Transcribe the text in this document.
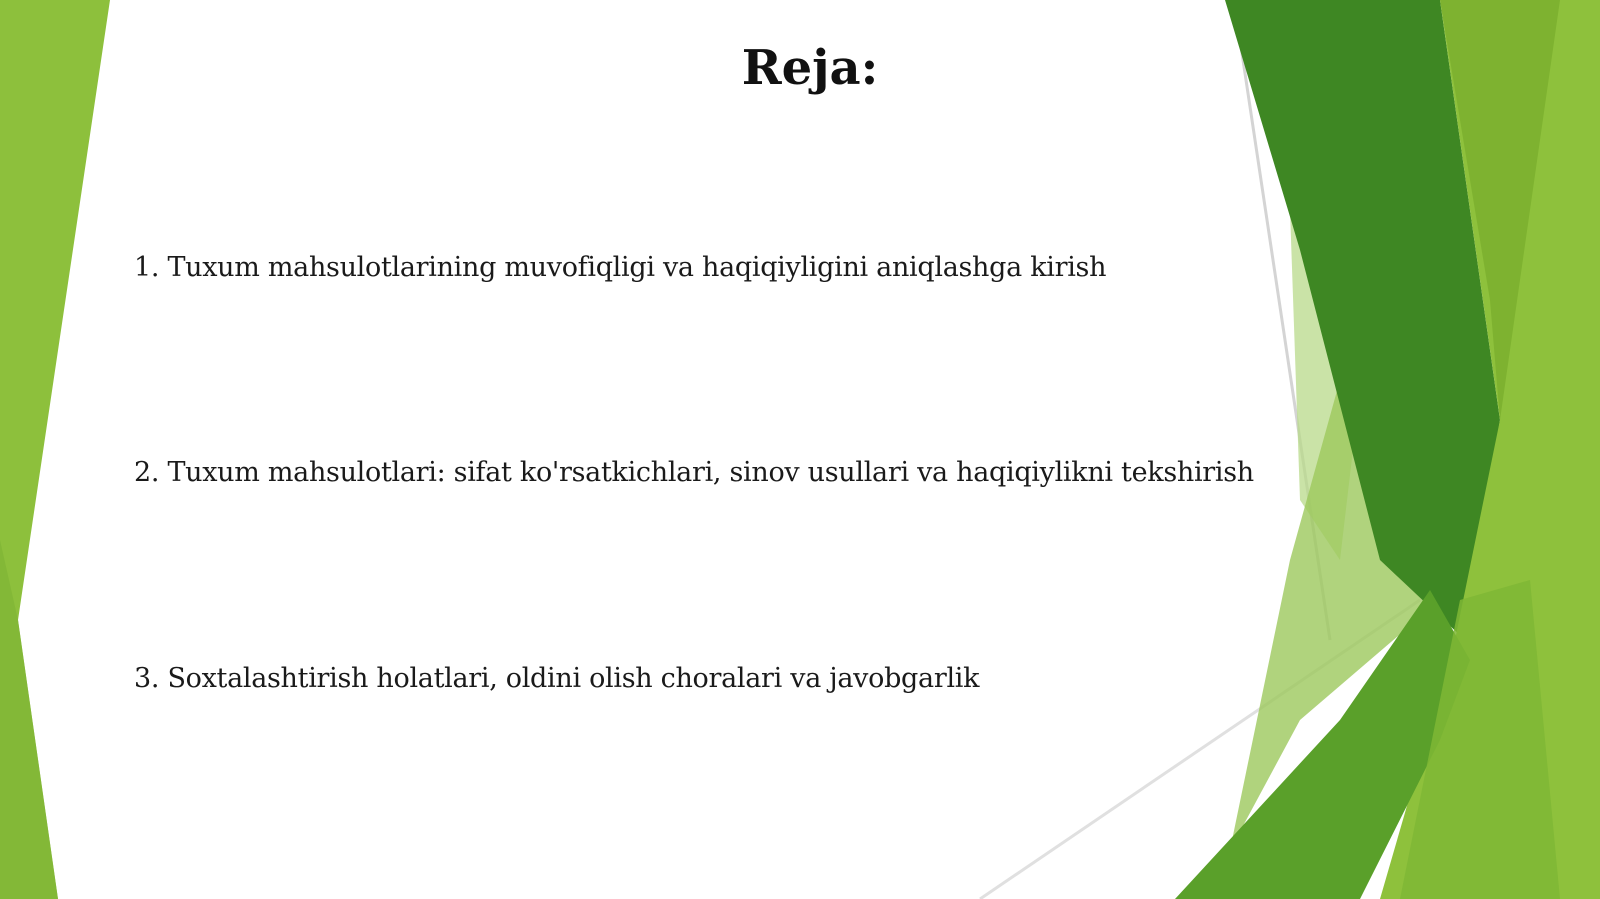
Reja:
1. Tuxum mahsulotlarining muvofiqligi va haqiqiyligini aniqlashga kirish
2. Tuxum mahsulotlari: sifat ko'rsatkichlari, sinov usullari va haqiqiylikni tekshirish
3. Soxtalashtirish holatlari, oldini olish choralari va javobgarlik
